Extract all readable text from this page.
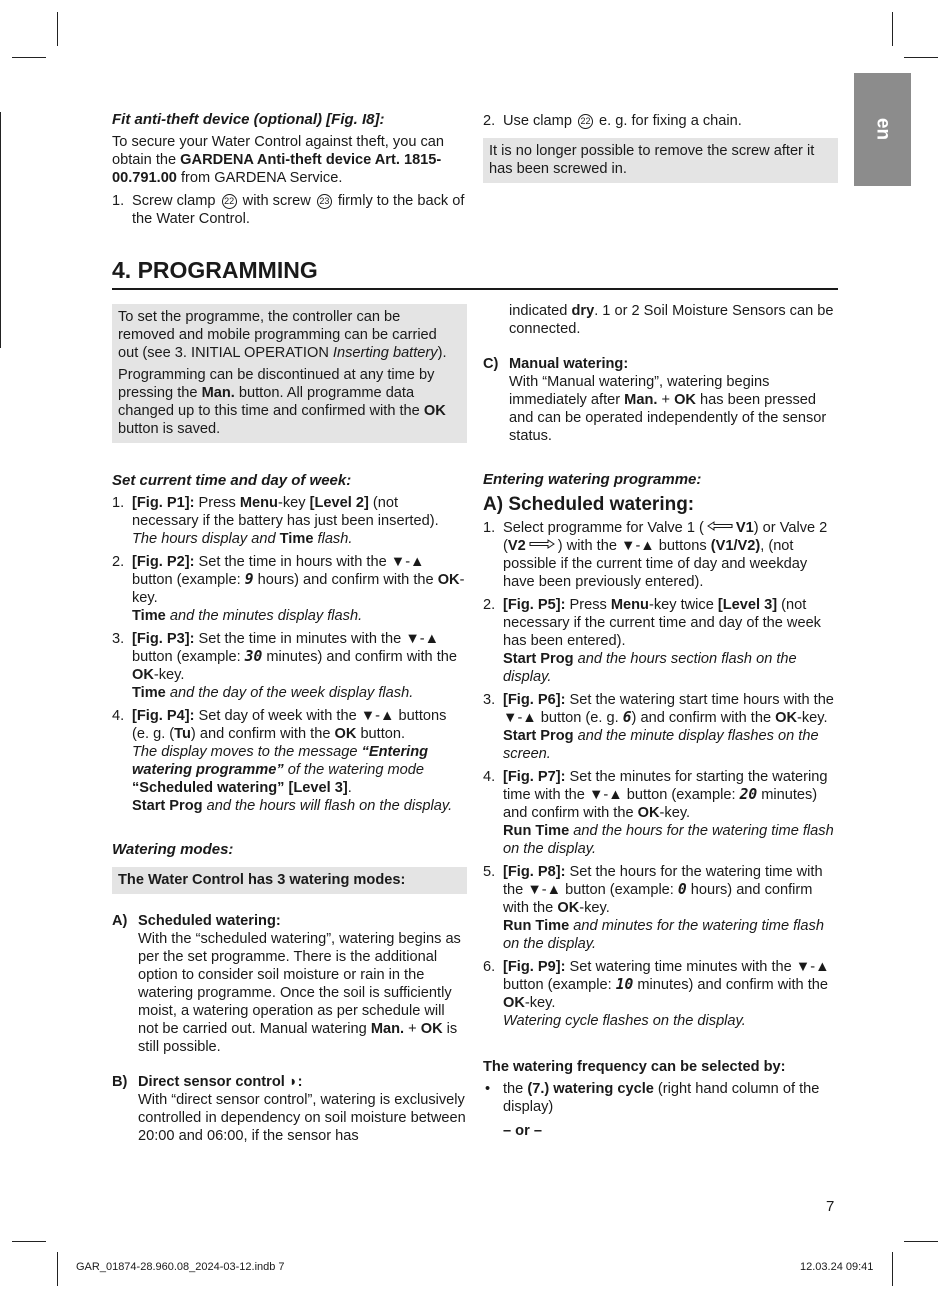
en

Fit anti-theft device (optional) [Fig. I8]:

To secure your Water Control against theft, you can obtain the GARDENA Anti-theft device Art. 1815-00.791.00 from GARDENA Service.

1. Screw clamp 22 with screw 23 firmly to the back of the Water Control.
2. Use clamp 22 e. g. for fixing a chain.

It is no longer possible to remove the screw after it has been screwed in.

4. PROGRAMMING

To set the programme, the controller can be removed and mobile programming can be carried out (see 3. INITIAL OPERATION Inserting battery).

Programming can be discontinued at any time by pressing the Man. button. All programme data changed up to this time and confirmed with the OK button is saved.

Set current time and day of week:

1. [Fig. P1]: Press Menu-key [Level 2] (not necessary if the battery has just been inserted).
The hours display and Time flash.
2. [Fig. P2]: Set the time in hours with the ▼-▲ button (example: 9 hours) and confirm with the OK-key.
Time and the minutes display flash.
3. [Fig. P3]: Set the time in minutes with the ▼-▲ button (example: 30 minutes) and confirm with the OK-key.
Time and the day of the week display flash.
4. [Fig. P4]: Set day of week with the ▼-▲ buttons (e. g. (Tu) and confirm with the OK button.
The display moves to the message “Entering watering programme” of the watering mode “Scheduled watering” [Level 3].
Start Prog and the hours will flash on the display.

Watering modes:

The Water Control has 3 watering modes:

A) Scheduled watering:

With the “scheduled watering”, watering begins as per the set programme. There is the additional option to consider soil moisture or rain in the watering programme. Once the soil is sufficiently moist, a watering operation as per schedule will not be carried out. Manual watering Man. + OK is still possible.

B) Direct sensor control ◗:

With “direct sensor control”, watering is exclusively controlled in dependency on soil moisture between 20:00 and 06:00, if the sensor has

indicated dry. 1 or 2 Soil Moisture Sensors can be connected.

C) Manual watering:

With “Manual watering”, watering begins immediately after Man. + OK has been pressed and can be operated independently of the sensor status.

Entering watering programme:

A) Scheduled watering:

1. Select programme for Valve 1 ( V1) or Valve 2 (V2 ) with the ▼-▲ buttons (V1/V2), (not possible if the current time of day and weekday have been previously entered).
2. [Fig. P5]: Press Menu-key twice [Level 3] (not necessary if the current time and day of the week has been entered).
Start Prog and the hours section flash on the display.
3. [Fig. P6]: Set the watering start time hours with the ▼-▲ button (e. g. 6) and confirm with the OK-key.
Start Prog and the minute display flashes on the screen.
4. [Fig. P7]: Set the minutes for starting the watering time with the ▼-▲ button (example: 20 minutes) and confirm with the OK-key.
Run Time and the hours for the watering time flash on the display.
5. [Fig. P8]: Set the hours for the watering time with the ▼-▲ button (example: 0 hours) and confirm with the OK-key.
Run Time and minutes for the watering time flash on the display.
6. [Fig. P9]: Set watering time minutes with the ▼-▲ button (example: 10 minutes) and confirm with the OK-key.
Watering cycle flashes on the display.

The watering frequency can be selected by:

• the (7.) watering cycle (right hand column of the display)

– or –

7
GAR_01874-28.960.08_2024-03-12.indb 7	12.03.24 09:41
